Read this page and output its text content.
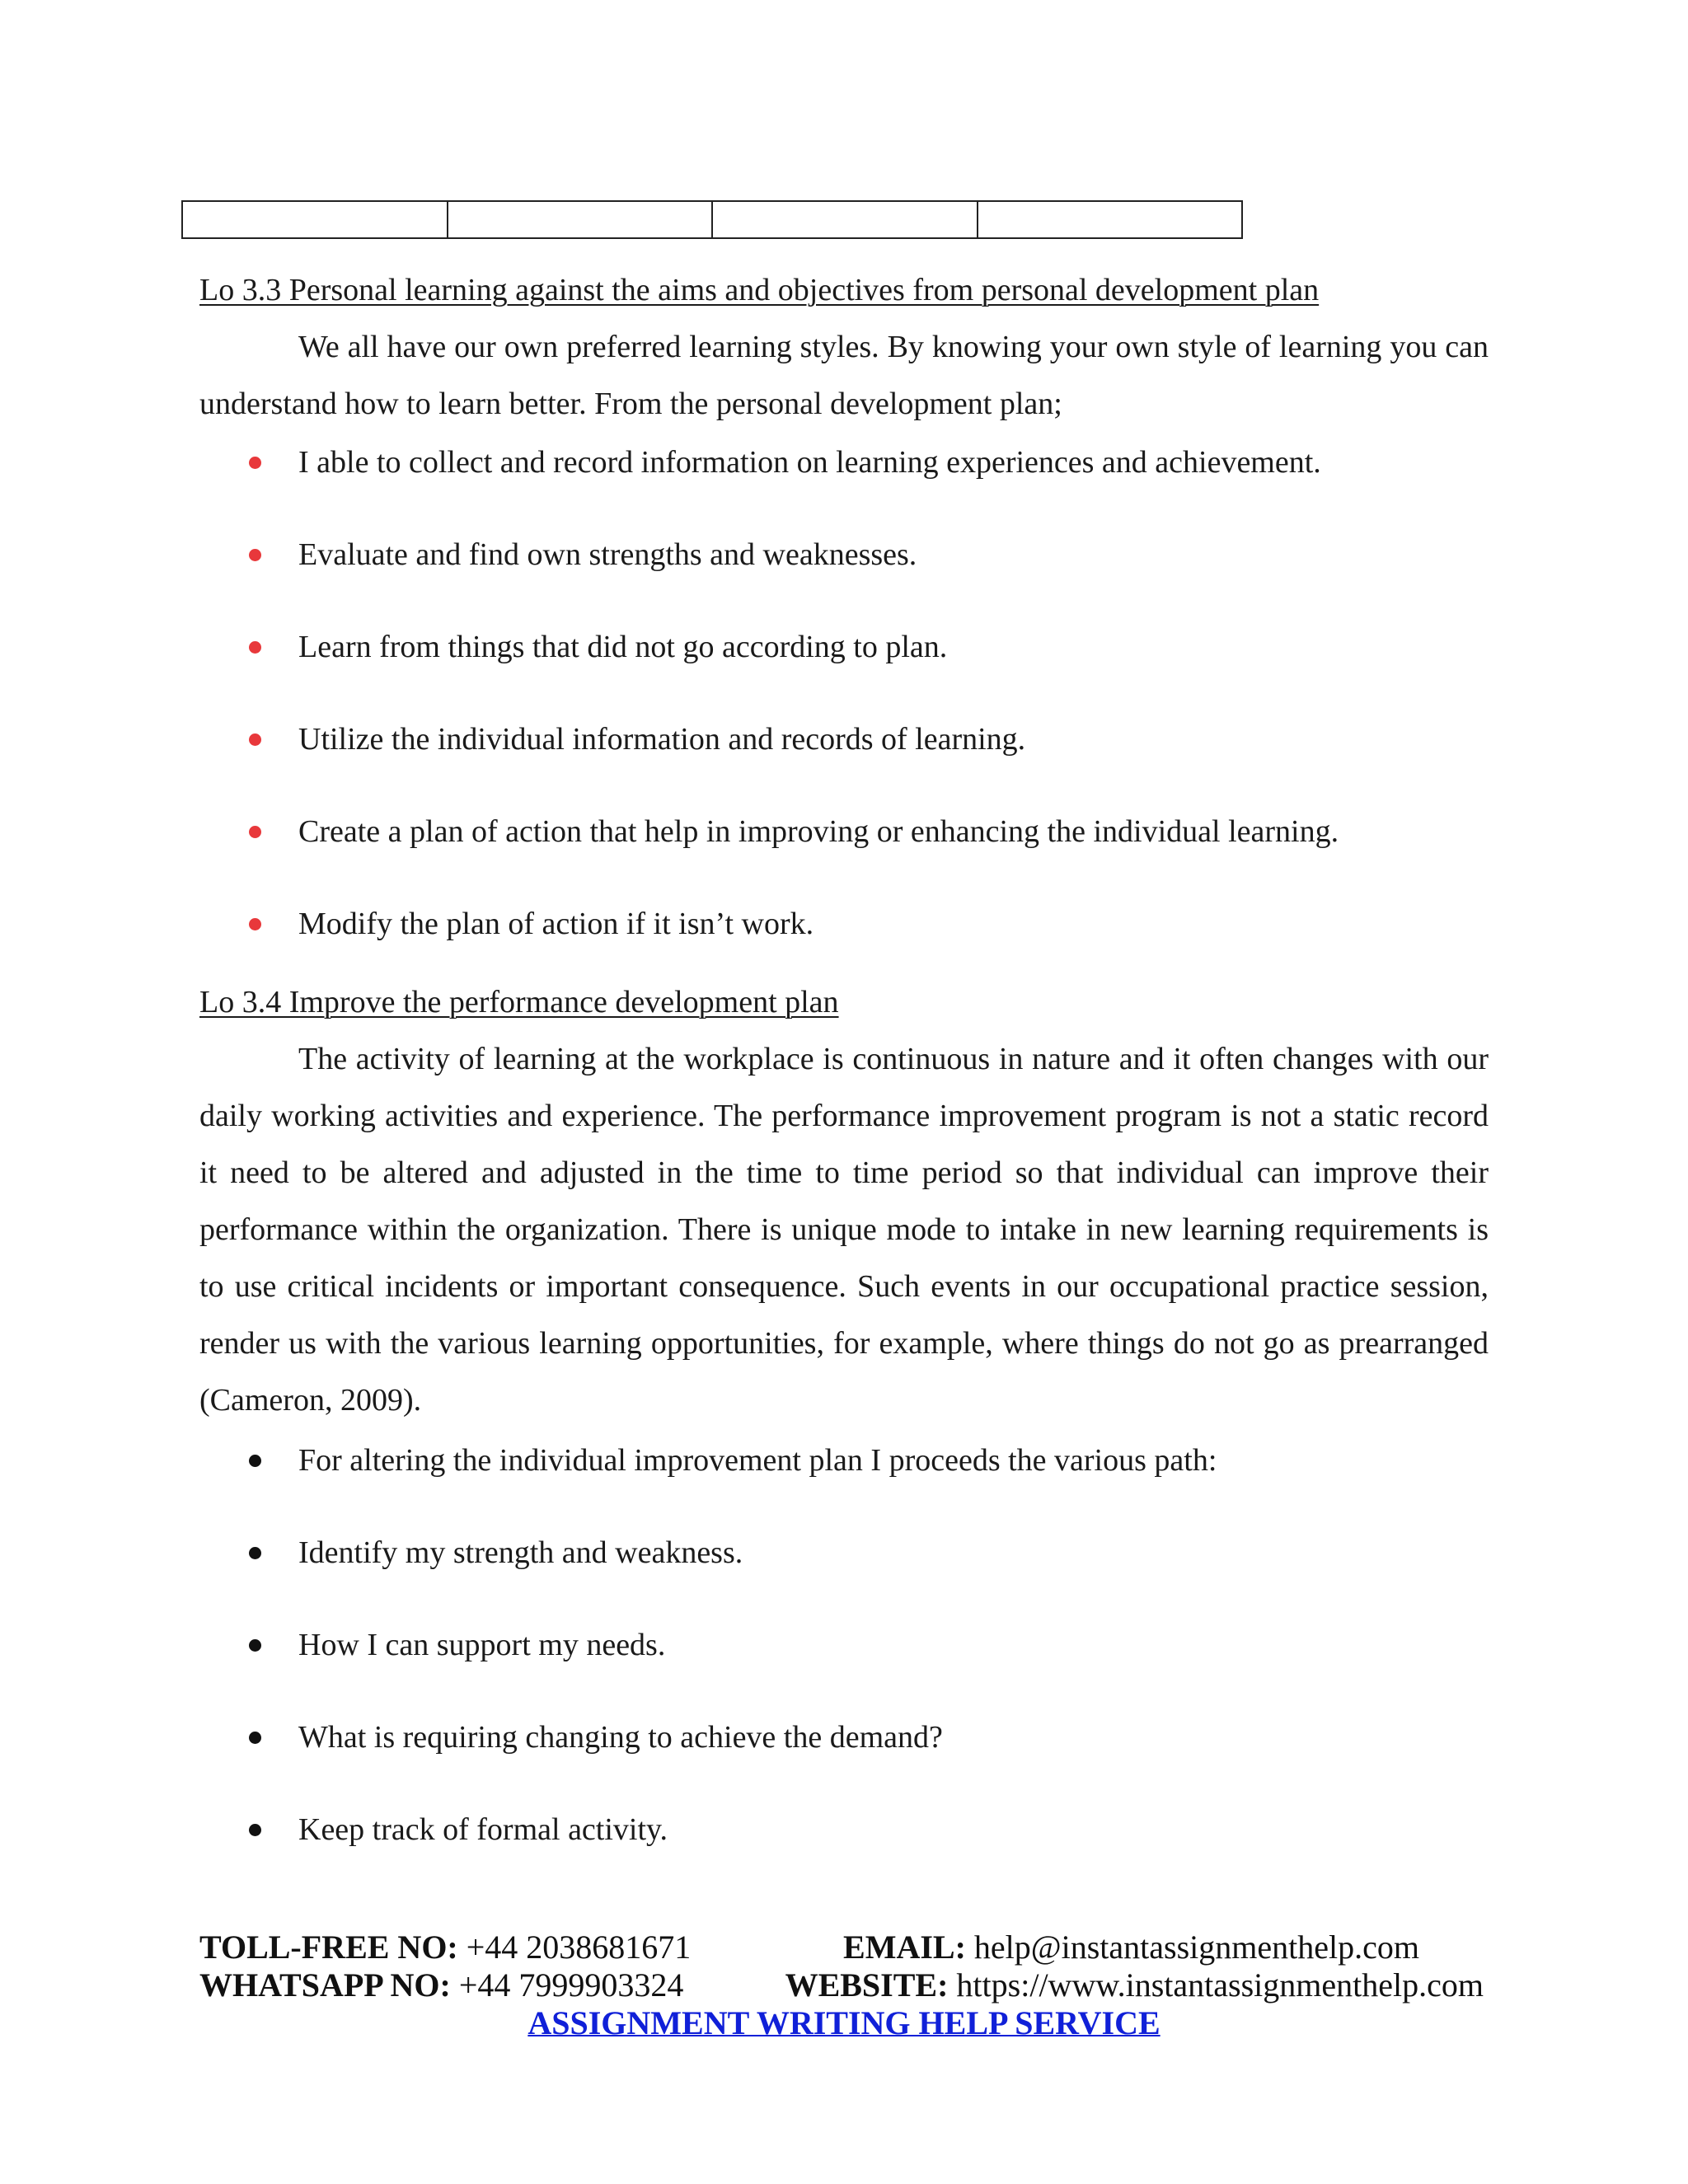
Lo 3.3 Personal learning against the aims and objectives from personal development plan

We all have our own preferred learning styles. By knowing your own style of learning you can understand how to learn better. From the personal development plan;

I able to collect and record information on learning experiences and achievement.
Evaluate and find own strengths and weaknesses.
Learn from things that did not go according to plan.
Utilize the individual information and records of learning.
Create a plan of action that help in improving or enhancing the individual learning.
Modify the plan of action if it isn’t work.

Lo 3.4 Improve the performance development plan

The activity of learning at the workplace is continuous in nature and it often changes with our daily working activities and experience. The performance improvement program is not a static record it need to be altered and adjusted in the time to time period so that individual can improve their performance within the organization. There is unique mode to intake in new learning requirements is to use critical incidents or important consequence. Such events in our occupational practice session, render us with the various learning opportunities, for example, where things do not go as prearranged (Cameron, 2009).

For altering the individual improvement plan I proceeds the various path:
Identify my strength and weakness.
How I can support my needs.
What is requiring changing to achieve the demand?
Keep track of formal activity.
TOLL-FREE NO: +44 2038681671	EMAIL: help@instantassignmenthelp.com
WHATSAPP NO: +44 7999903324	WEBSITE: https://www.instantassignmenthelp.com
ASSIGNMENT WRITING HELP SERVICE
